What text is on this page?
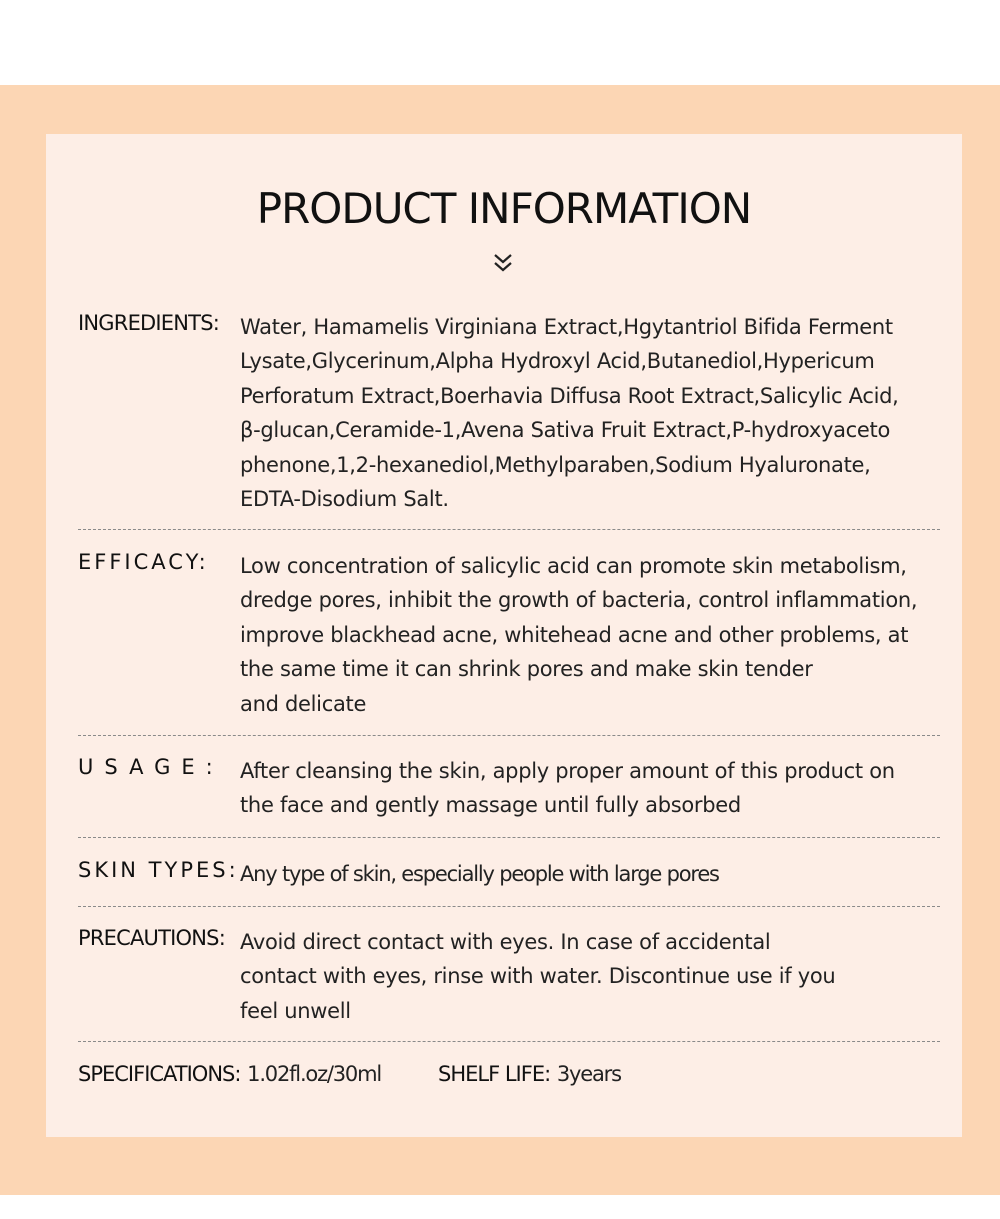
PRODUCT INFORMATION
INGREDIENTS: Water, Hamamelis Virginiana Extract,Hgytantriol Bifida Ferment
Lysate,Glycerinum,Alpha Hydroxyl Acid,Butanediol,Hypericum
Perforatum Extract,Boerhavia Diffusa Root Extract,Salicylic Acid,
β-glucan,Ceramide-1,Avena Sativa Fruit Extract,P-hydroxyaceto
phenone,1,2-hexanediol,Methylparaben,Sodium Hyaluronate,
EDTA-Disodium Salt.
EFFICACY: Low concentration of salicylic acid can promote skin metabolism,
dredge pores, inhibit the growth of bacteria, control inflammation,
improve blackhead acne, whitehead acne and other problems, at
the same time it can shrink pores and make skin tender
and delicate
USAGE: After cleansing the skin, apply proper amount of this product on
the face and gently massage until fully absorbed
SKIN TYPES: Any type of skin, especially people with large pores
PRECAUTIONS: Avoid direct contact with eyes. In case of accidental
contact with eyes, rinse with water. Discontinue use if you
feel unwell
SPECIFICATIONS: 1.02fl.oz/30ml	SHELF LIFE: 3years
